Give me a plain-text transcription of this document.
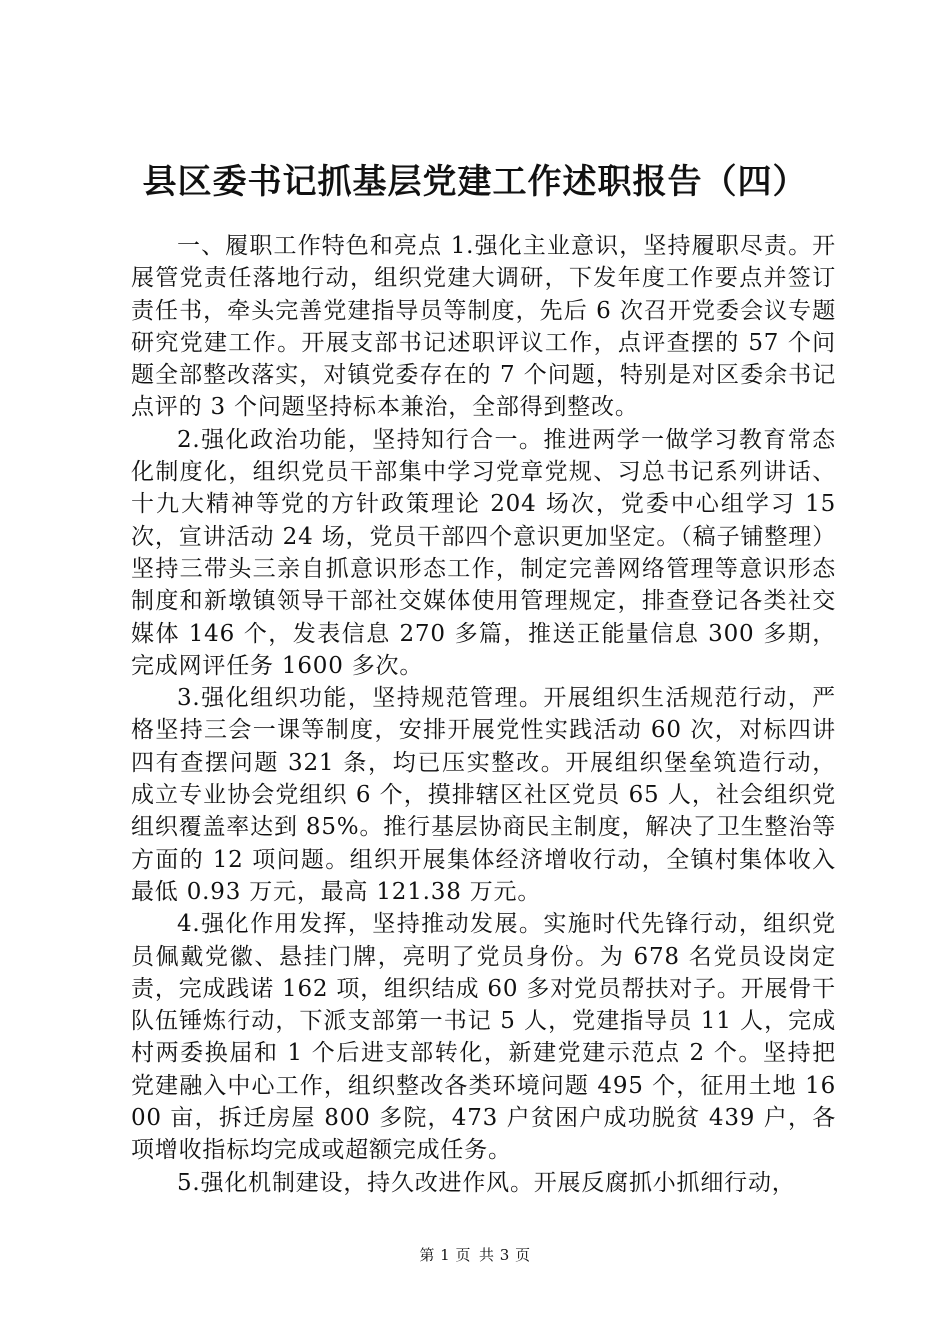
县区委书记抓基层党建工作述职报告（四）

一、履职工作特色和亮点 1.强化主业意识，坚持履职尽责。开展管党责任落地行动，组织党建大调研，下发年度工作要点并签订责任书，牵头完善党建指导员等制度，先后 6 次召开党委会议专题研究党建工作。开展支部书记述职评议工作，点评查摆的 57 个问题全部整改落实，对镇党委存在的 7 个问题，特别是对区委余书记点评的 3 个问题坚持标本兼治，全部得到整改。

2.强化政治功能，坚持知行合一。推进两学一做学习教育常态化制度化，组织党员干部集中学习党章党规、习总书记系列讲话、十九大精神等党的方针政策理论 204 场次，党委中心组学习 15 次，宣讲活动 24 场，党员干部四个意识更加坚定。（稿子铺整理）坚持三带头三亲自抓意识形态工作，制定完善网络管理等意识形态制度和新墩镇领导干部社交媒体使用管理规定，排查登记各类社交媒体 146 个，发表信息 270 多篇，推送正能量信息 300 多期，完成网评任务 1600 多次。

3.强化组织功能，坚持规范管理。开展组织生活规范行动，严格坚持三会一课等制度，安排开展党性实践活动 60 次，对标四讲四有查摆问题 321 条，均已压实整改。开展组织堡垒筑造行动，成立专业协会党组织 6 个，摸排辖区社区党员 65 人，社会组织党组织覆盖率达到 85%。推行基层协商民主制度，解决了卫生整治等方面的 12 项问题。组织开展集体经济增收行动，全镇村集体收入最低 0.93 万元，最高 121.38 万元。

4.强化作用发挥，坚持推动发展。实施时代先锋行动，组织党员佩戴党徽、悬挂门牌，亮明了党员身份。为 678 名党员设岗定责，完成践诺 162 项，组织结成 60 多对党员帮扶对子。开展骨干队伍锤炼行动，下派支部第一书记 5 人，党建指导员 11 人，完成村两委换届和 1 个后进支部转化，新建党建示范点 2 个。坚持把党建融入中心工作，组织整改各类环境问题 495 个，征用土地 1600 亩，拆迁房屋 800 多院，473 户贫困户成功脱贫 439 户，各项增收指标均完成或超额完成任务。

5.强化机制建设，持久改进作风。开展反腐抓小抓细行动，

第 1 页 共 3 页
